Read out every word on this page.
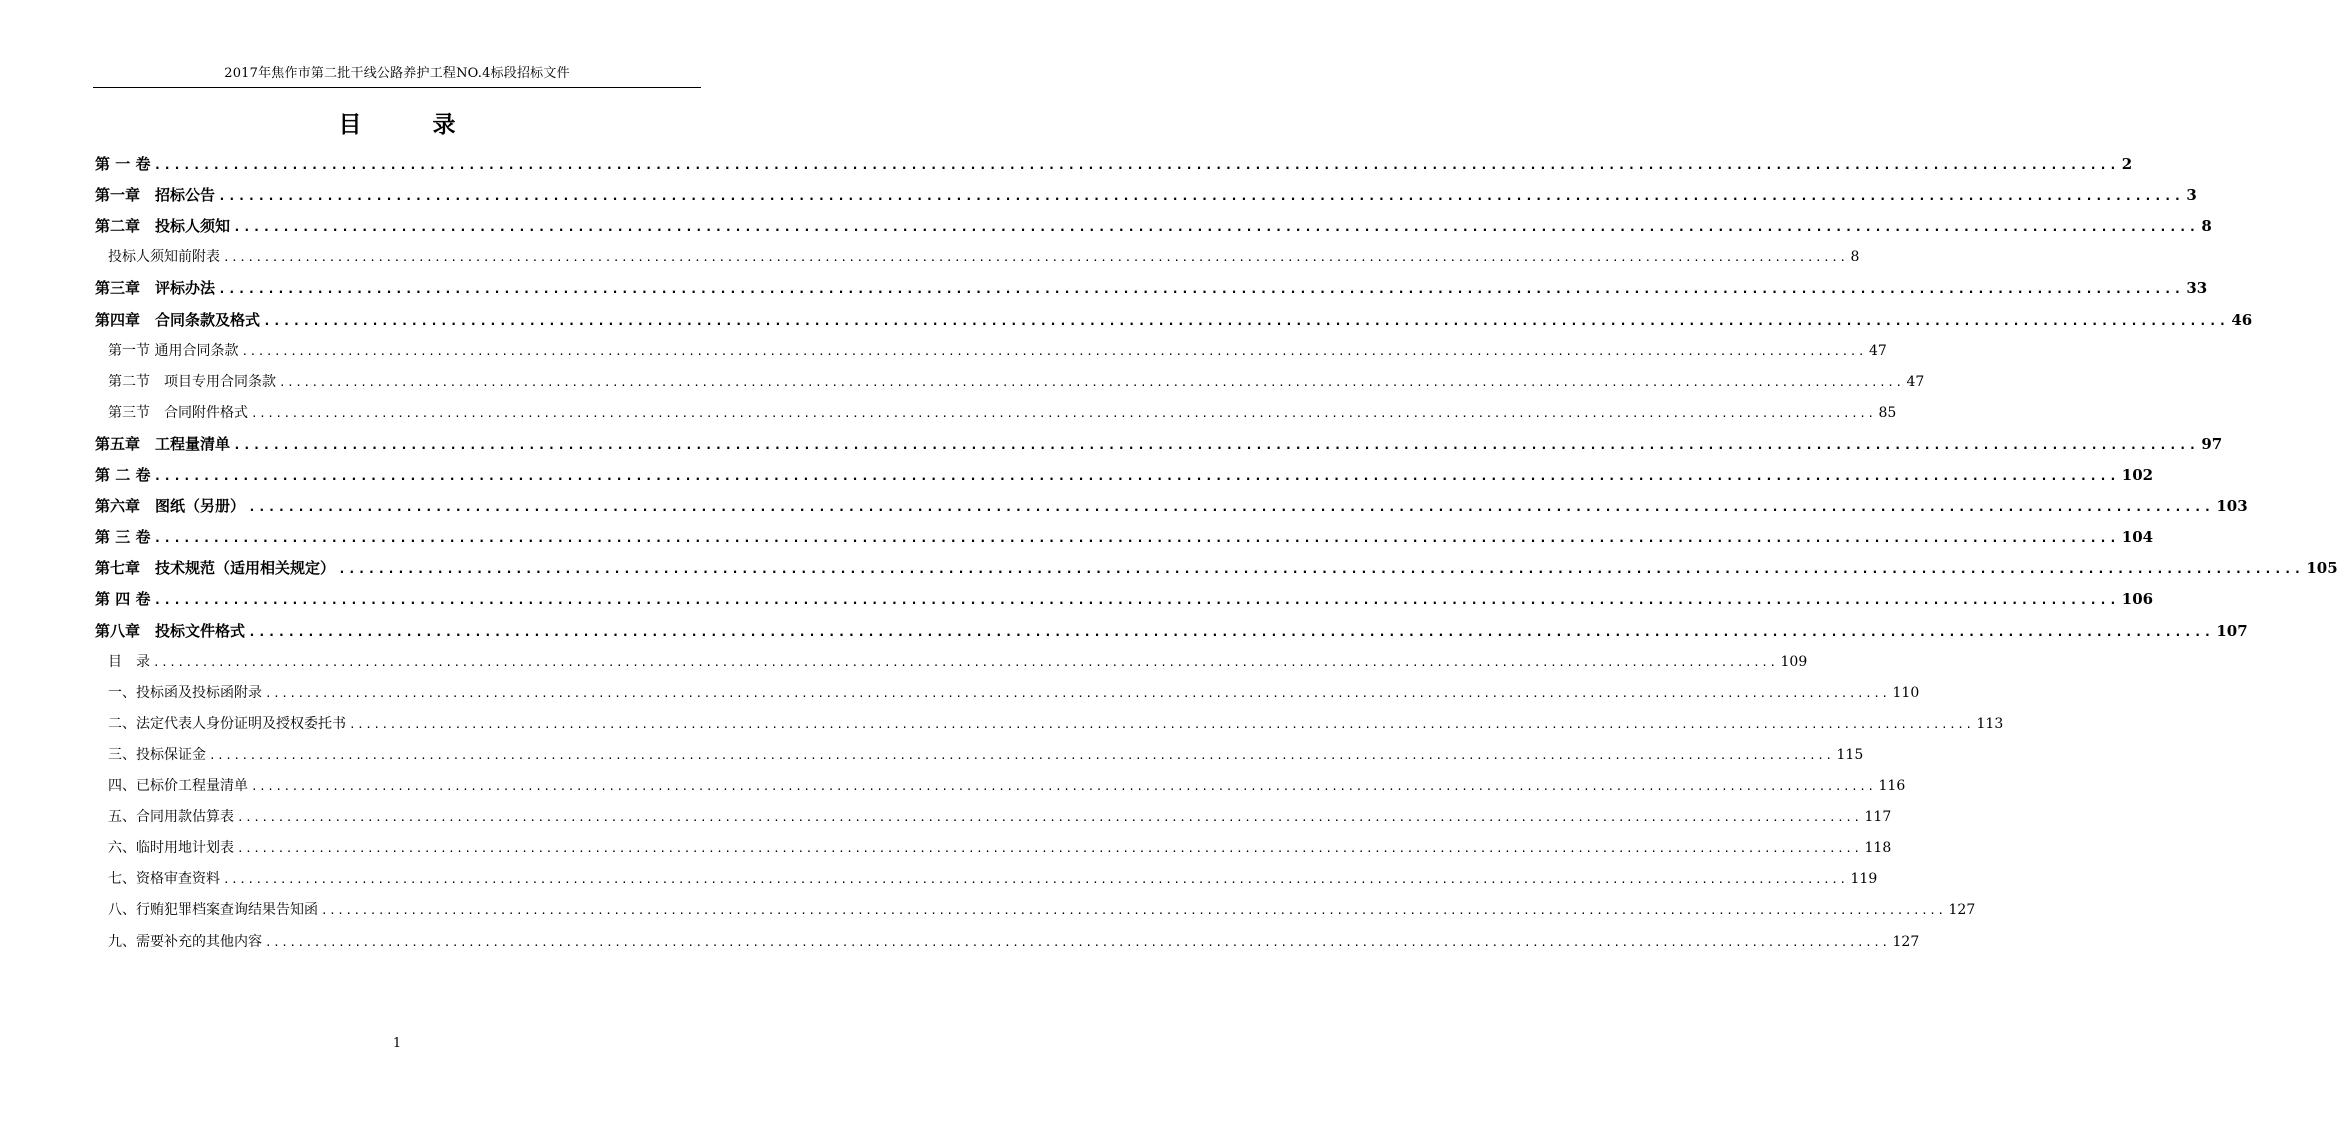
2017年焦作市第二批干线公路养护工程NO.4标段招标文件
目　录
第 一 卷 ........................................................................................................................................................................................................ 2
第一章　招标公告 ........................................................................................................................................................................................................ 3
第二章　投标人须知 ........................................................................................................................................................................................................ 8
投标人须知前附表 ........................................................................................................................................................................................................ 8
第三章　评标办法 ........................................................................................................................................................................................................ 33
第四章　合同条款及格式 ........................................................................................................................................................................................................ 46
第一节 通用合同条款 ........................................................................................................................................................................................................ 47
第二节　项目专用合同条款 ........................................................................................................................................................................................................ 47
第三节　合同附件格式 ........................................................................................................................................................................................................ 85
第五章　工程量清单 ........................................................................................................................................................................................................ 97
第 二 卷 ........................................................................................................................................................................................................ 102
第六章　图纸（另册） ........................................................................................................................................................................................................ 103
第 三 卷 ........................................................................................................................................................................................................ 104
第七章　技术规范（适用相关规定） ........................................................................................................................................................................................................ 105
第 四 卷 ........................................................................................................................................................................................................ 106
第八章　投标文件格式 ........................................................................................................................................................................................................ 107
目　录 ........................................................................................................................................................................................................ 109
一、投标函及投标函附录 ........................................................................................................................................................................................................ 110
二、法定代表人身份证明及授权委托书 ........................................................................................................................................................................................................ 113
三、投标保证金 ........................................................................................................................................................................................................ 115
四、已标价工程量清单 ........................................................................................................................................................................................................ 116
五、合同用款估算表 ........................................................................................................................................................................................................ 117
六、临时用地计划表 ........................................................................................................................................................................................................ 118
七、资格审查资料 ........................................................................................................................................................................................................ 119
八、行贿犯罪档案查询结果告知函 ........................................................................................................................................................................................................ 127
九、需要补充的其他内容 ........................................................................................................................................................................................................ 127
1
